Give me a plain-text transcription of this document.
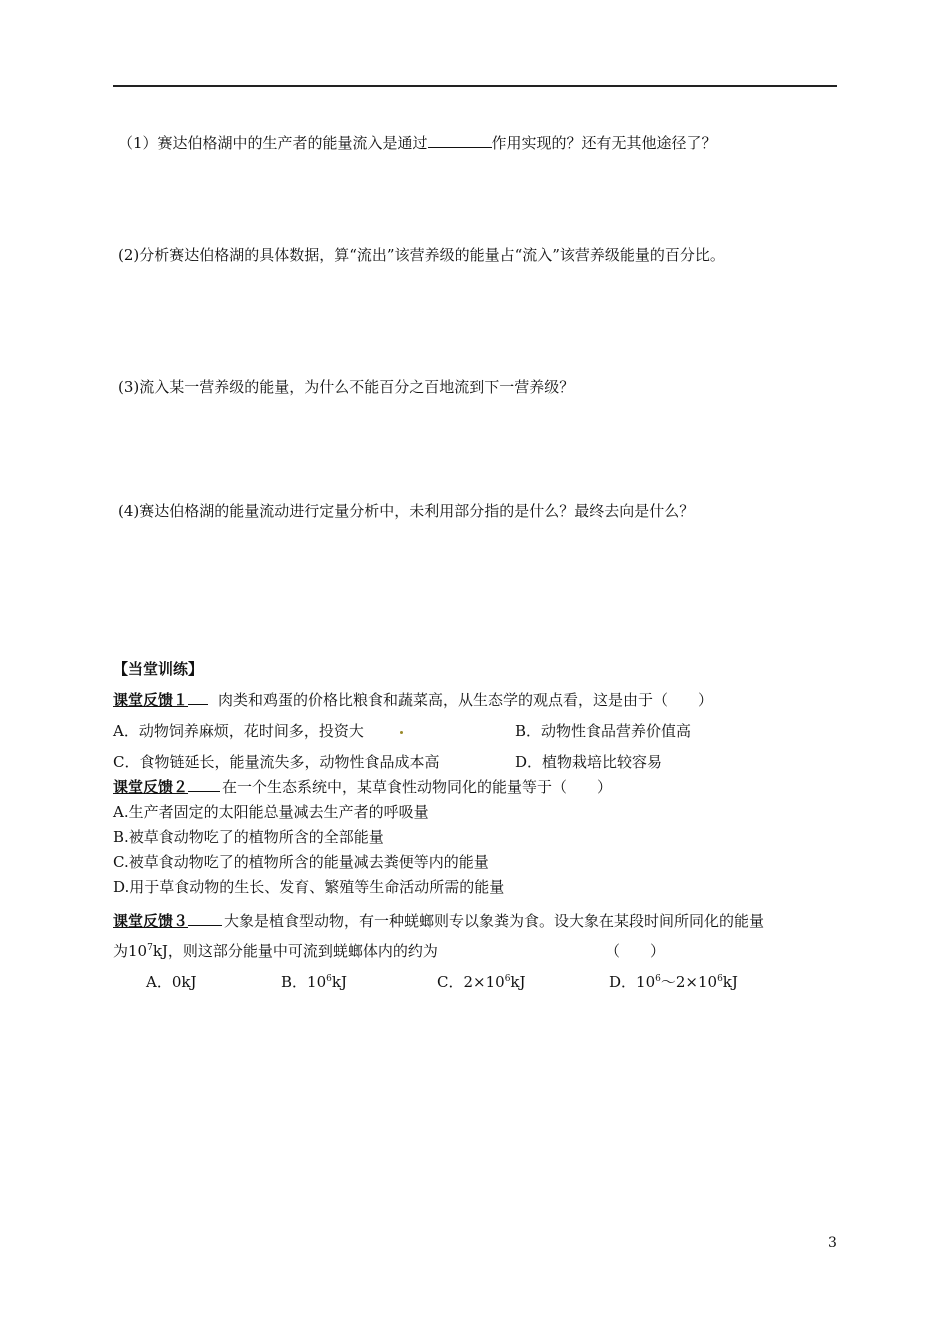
（1）赛达伯格湖中的生产者的能量流入是通过	作用实现的？还有无其他途径了？
(2)分析赛达伯格湖的具体数据，算“流出”该营养级的能量占“流入”该营养级能量的百分比。
(3)流入某一营养级的能量，为什么不能百分之百地流到下一营养级？
(4)赛达伯格湖的能量流动进行定量分析中，未利用部分指的是什么？最终去向是什么？
【当堂训练】
课堂反馈１ 肉类和鸡蛋的价格比粮食和蔬菜高，从生态学的观点看，这是由于（　　）
A．动物饲养麻烦，花时间多，投资大	B．动物性食品营养价值高
C．食物链延长，能量流失多，动物性食品成本高	D．植物栽培比较容易
课堂反馈２ 在一个生态系统中，某草食性动物同化的能量等于（　　）
A.生产者固定的太阳能总量减去生产者的呼吸量
B.被草食动物吃了的植物所含的全部能量
C.被草食动物吃了的植物所含的能量减去粪便等内的能量
D.用于草食动物的生长、发育、繁殖等生命活动所需的能量
课堂反馈３ 大象是植食型动物，有一种蜣螂则专以象粪为食。设大象在某段时间所同化的能量
为$10^7kJ$，则这部分能量中可流到蜣螂体内的约为	（　　）
A．0kJ	B．$10^6kJ$	C．$2\times 10^6kJ$	D．$10^6\sim 2\times 10^6kJ$
3
